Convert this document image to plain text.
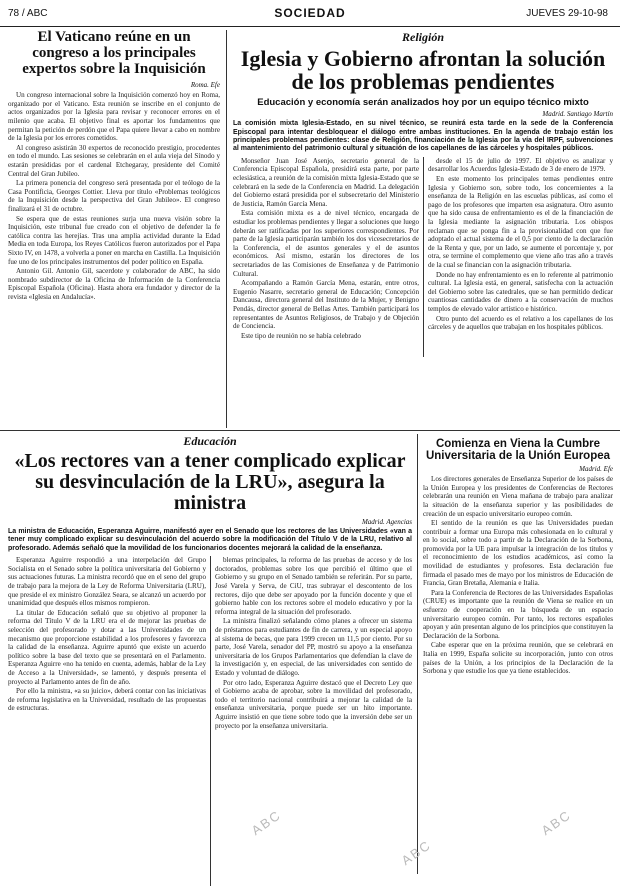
78 / ABC	SOCIEDAD	JUEVES 29-10-98
El Vaticano reúne en un congreso a los principales expertos sobre la Inquisición
Roma. Efe

Un congreso internacional sobre la Inquisición comenzó hoy en Roma, organizado por el Vaticano. Esta reunión se inscribe en el conjunto de actos organizados por la Iglesia para revisar y reconocer errores en el milenio que acaba. El objetivo final es aportar los fundamentos que permitan la petición de perdón que el Papa quiere llevar a cabo en nombre de la Iglesia por los errores cometidos.

Al congreso asistirán 30 expertos de reconocido prestigio, procedentes en todo el mundo. Las sesiones se celebrarán en el aula vieja del Sínodo y estarán presididas por el cardenal Etchegaray, presidente del Comité Central del Gran Jubileo.

La primera ponencia del congreso será presentada por el teólogo de la Casa Pontificia, Georges Cottier. Lleva por título «Problemas teológicos de la Inquisición desde la perspectiva del Gran Jubileo». El congreso finalizará el 31 de octubre.

Se espera que de estas reuniones surja una nueva visión sobre la Inquisición, este tribunal fue creado con el objetivo de defender la fe católica contra las herejías. Tras una amplia actividad durante la Edad Media en toda Europa, los Reyes Católicos fueron autorizados por el Papa Sixto IV, en 1478, a volverla a poner en marcha en Castilla. La Inquisición fue uno de los principales instrumentos del poder político en España.

Antonio Gil. Antonio Gil, sacerdote y colaborador de ABC, ha sido nombrado subdirector de la Oficina de Información de la Conferencia Episcopal Española (Oficina). Hasta ahora era fundador y director de la revista «Iglesia en Andalucía».

Religión
Iglesia y Gobierno afrontan la solución de los problemas pendientes
Educación y economía serán analizados hoy por un equipo técnico mixto
Madrid. Santiago Martín
La comisión mixta Iglesia-Estado, en su nivel técnico, se reunirá esta tarde en la sede de la Conferencia Episcopal para intentar desbloquear el diálogo entre ambas instituciones. En la agenda de trabajo están los principales problemas pendientes: clase de Religión, financiación de la Iglesia por la vía del IRPF, subvenciones al mantenimiento del patrimonio cultural y situación de los capellanes de las cárceles y hospitales públicos.

Monseñor Juan José Asenjo, secretario general de la Conferencia Episcopal Española, presidirá esta parte, por parte eclesiástica, a reunión de la comisión mixta Iglesia-Estado que se celebrará en la sede de la Conferencia en Madrid. La delegación del Gobierno estará presidida por el subsecretario del Ministerio de Justicia, Ramón García Mena.

Esta comisión mixta es a de nivel técnico, encargada de estudiar los problemas pendientes y llegar a soluciones que luego deberán ser ratificadas por los superiores correspondientes. Por parte de la Iglesia participarán también los dos vicesecretarios de la Conferencia, el de asuntos generales y el de asuntos económicos. Así mismo, estarán los directores de los secretariados de las Comisiones de Enseñanza y de Patrimonio Cultural.

Acompañando a Ramón García Mena, estarán, entre otros, Eugenio Nasarre, secretario general de Educación; Concepción Dancausa, directora general del Instituto de la Mujer, y Benigno Pendás, director general de Bellas Artes. También participará los representantes de Asuntos Religiosos, de Trabajo y de Objeción de Conciencia.

Este tipo de reunión no se había celebrado

desde el 15 de julio de 1997. El objetivo es analizar y desarrollar los Acuerdos Iglesia-Estado de 3 de enero de 1979.

En este momento los principales temas pendientes entre Iglesia y Gobierno son, sobre todo, los concernientes a la enseñanza de la Religión en las escuelas públicas, así como el pago de los profesores que imparten esa asignatura. Otro asunto que ha sido causa de enfrentamiento es el de la financiación de la Iglesia mediante la asignación tributaria. Los obispos reclaman que se ponga fin a la provisionalidad con que fue adoptado el actual sistema de el 0,5 por ciento de la declaración de la Renta y que, por un lado, se aumente el porcentaje y, por otra, se termine el complemento que viene año tras año a través de la cual se financian con la asignación tributaria.

Donde no hay enfrentamiento es en lo referente al patrimonio cultural. La Iglesia está, en general, satisfecha con la actuación del Gobierno sobre las catedrales, que se han permitido dedicar cuantiosas cantidades de dinero a la conservación de muchos templos de elevado valor artístico e histórico.

Otro punto del acuerdo es el relativo a los capellanes de los cárceles y de aquellos que trabajan en los hospitales públicos.

Educación
«Los rectores van a tener complicado explicar su desvinculación de la LRU», asegura la ministra
Madrid. Agencias
La ministra de Educación, Esperanza Aguirre, manifestó ayer en el Senado que los rectores de las Universidades «van a tener muy complicado explicar su desvinculación del acuerdo sobre la modificación del Título V de la LRU, relativo al profesorado. Además señaló que la movilidad de los funcionarios docentes mejorará la calidad de la enseñanza.

Esperanza Aguirre respondió a una interpelación del Grupo Socialista en el Senado sobre la política universitaria del Gobierno y sus actuaciones futuras. La ministra recordó que en el seno del grupo de trabajo para la mejora de la Ley de Reforma Universitaria (LRU), que preside el ex ministro González Seara, se alcanzó un acuerdo por unanimidad que después ellos mismos rompieron.

La titular de Educación señaló que su objetivo al proponer la reforma del Título V de la LRU era el de mejorar las pruebas de selección del profesorado y dotar a las Universidades de un mecanismo que proporcione estabilidad a los profesores y favorezca la calidad de la enseñanza. Aguirre apuntó que existe un acuerdo político sobre la base del texto que se presentará en el Parlamento. Esperanza Aguirre «no ha tenido en cuenta, además, hablar de la Ley de Acceso a la Universidad», se lamentó, y después presenta el proyecto al Parlamento antes de fin de año.

Por ello la ministra, «a su juicio», deberá contar con las iniciativas de reforma legislativa en la Universidad, resultado de las propuestas de estructuras.

blemas principales, la reforma de las pruebas de acceso y de los doctorados, problemas sobre los que percibió el último que el Gobierno y su grupo en el Senado también se referirán. Por su parte, José Varela y Serva, de CiU, tras subrayar el descontento de los rectores, dijo que debe ser apoyado por la función docente y que el gobierno hable con los rectores sobre el modelo educativo y por la reforma integral de la situación del profesorado.

La ministra finalizó señalando cómo planes a ofrecer un sistema de préstamos para estudiantes de fin de carrera, y un especial apoyo al sistema de becas, que para 1999 crecen un 11,5 por ciento. Por su parte, José Varela, senador del PP, mostró su apoyo a la enseñanza universitaria de los Grupos Parlamentarios que defendían la clave de la investigación y, en especial, de las universidades con sentido de Estado y voluntad de diálogo.

Por otro lado, Esperanza Aguirre destacó que el Decreto Ley que el Gobierno acaba de aprobar, sobre la movilidad del profesorado, todo el territorio nacional contribuirá a mejorar la calidad de la enseñanza universitaria, porque puede ser un hito importante. Aguirre insistió en que tiene sobre todo que la inversión debe ser un proyecto por la enseñanza universitaria.

Comienza en Viena la Cumbre Universitaria de la Unión Europea
Madrid. Efe

Los directores generales de Enseñanza Superior de los países de la Unión Europea y los presidentes de Conferencias de Rectores celebrarán una reunión en Viena mañana de trabajo para analizar la situación de la enseñanza superior y las posibilidades de creación de un espacio universitario europeo común.

El sentido de la reunión es que las Universidades puedan contribuir a formar una Europa más cohesionada en lo cultural y en lo social, sobre todo a partir de la Declaración de la Sorbona, promovida por la UE para impulsar la integración de los títulos y el reconocimiento de los estudios académicos, así como la movilidad de estudiantes y profesores. Esta declaración fue firmada el pasado mes de mayo por los ministros de Educación de Francia, Gran Bretaña, Alemania e Italia.

Para la Conferencia de Rectores de las Universidades Españolas (CRUE) es importante que la reunión de Viena se realice en un esfuerzo de cooperación en la búsqueda de un espacio universitario europeo común. Por tanto, los rectores españoles apoyan y aún presentan alguno de los principios que constituyen la Declaración de la Sorbona.

Cabe esperar que en la próxima reunión, que se celebrará en Italia en 1999, España solicite su incorporación, junto con otros países de la Unión, a los principios de la Declaración de la Sorbona y que estudie los que ya tiene establecidos.

ABC
ABC
ABC
